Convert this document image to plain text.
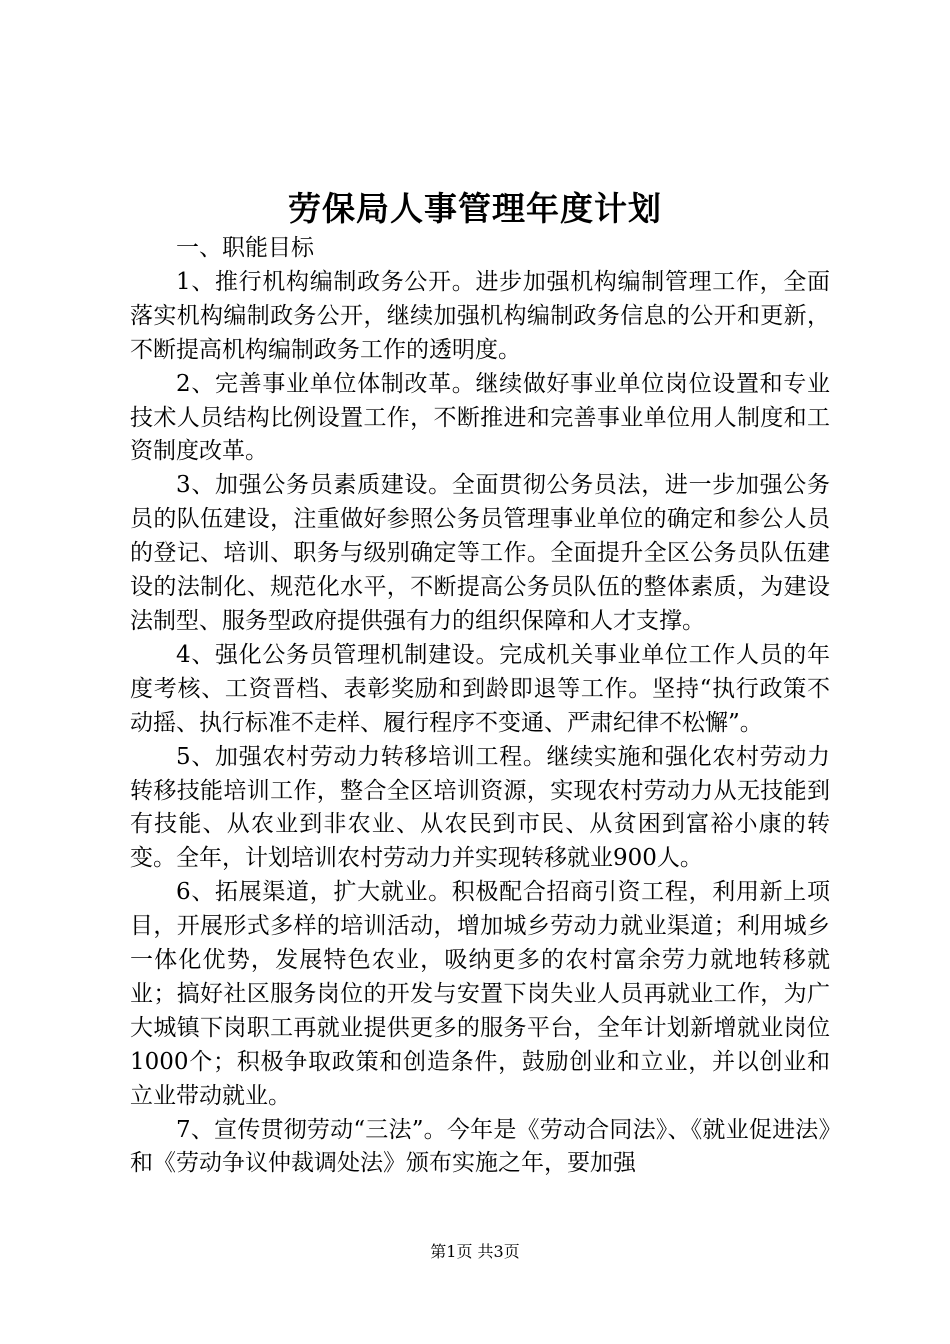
劳保局人事管理年度计划

一、职能目标

1、推行机构编制政务公开。进步加强机构编制管理工作，全面落实机构编制政务公开，继续加强机构编制政务信息的公开和更新，不断提高机构编制政务工作的透明度。

2、完善事业单位体制改革。继续做好事业单位岗位设置和专业技术人员结构比例设置工作，不断推进和完善事业单位用人制度和工资制度改革。

3、加强公务员素质建设。全面贯彻公务员法，进一步加强公务员的队伍建设，注重做好参照公务员管理事业单位的确定和参公人员的登记、培训、职务与级别确定等工作。全面提升全区公务员队伍建设的法制化、规范化水平，不断提高公务员队伍的整体素质，为建设法制型、服务型政府提供强有力的组织保障和人才支撑。

4、强化公务员管理机制建设。完成机关事业单位工作人员的年度考核、工资晋档、表彰奖励和到龄即退等工作。坚持“执行政策不动摇、执行标准不走样、履行程序不变通、严肃纪律不松懈”。

5、加强农村劳动力转移培训工程。继续实施和强化农村劳动力转移技能培训工作，整合全区培训资源，实现农村劳动力从无技能到有技能、从农业到非农业、从农民到市民、从贫困到富裕小康的转变。全年，计划培训农村劳动力并实现转移就业900人。

6、拓展渠道，扩大就业。积极配合招商引资工程，利用新上项目，开展形式多样的培训活动，增加城乡劳动力就业渠道；利用城乡一体化优势，发展特色农业，吸纳更多的农村富余劳力就地转移就业；搞好社区服务岗位的开发与安置下岗失业人员再就业工作，为广大城镇下岗职工再就业提供更多的服务平台，全年计划新增就业岗位1000个；积极争取政策和创造条件，鼓励创业和立业，并以创业和立业带动就业。

7、宣传贯彻劳动“三法”。今年是《劳动合同法》、《就业促进法》和《劳动争议仲裁调处法》颁布实施之年，要加强

第1页 共3页
